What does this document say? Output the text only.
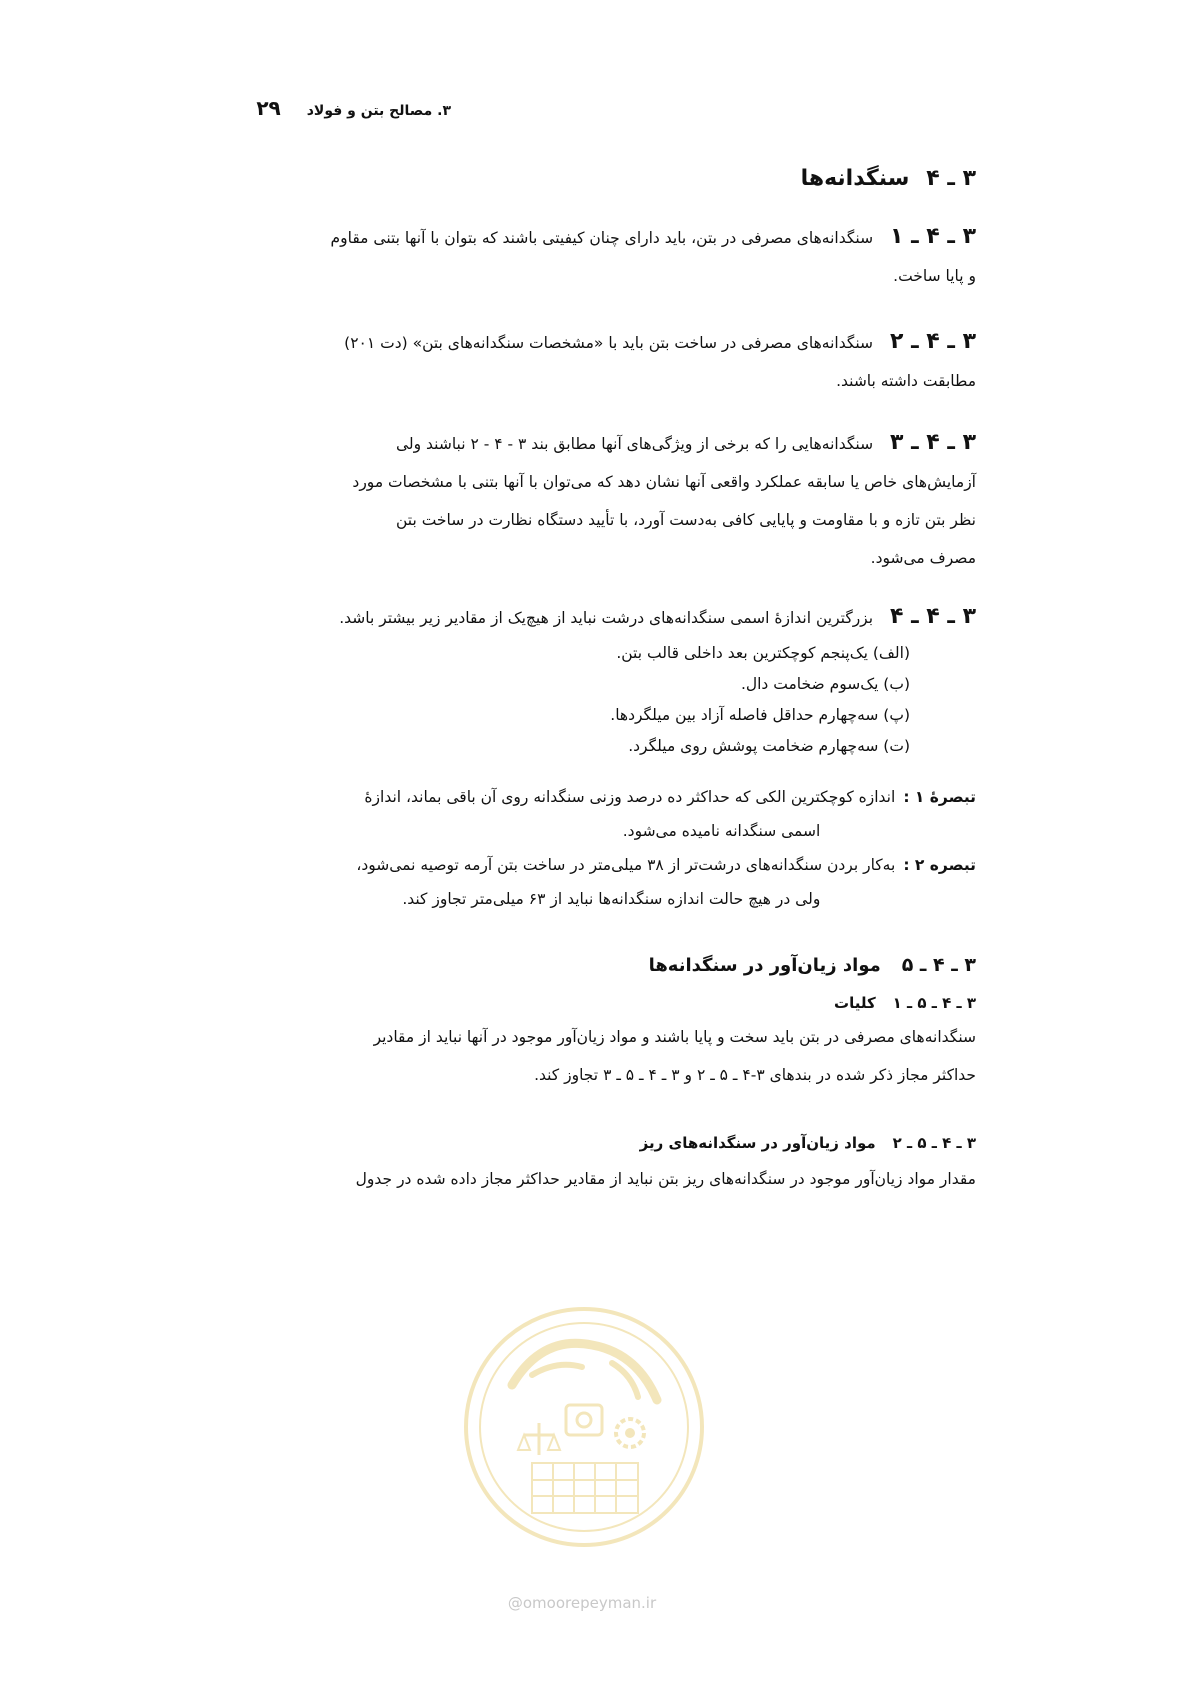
۳. مصالح بتن و فولاد
۲۹
۳ ـ ۴ سنگدانه‌ها

۳ ـ ۴ ـ ۱ سنگدانه‌های مصرفی در بتن، باید دارای چنان کیفیتی باشند که بتوان با آنها بتنی مقاوم

و پایا ساخت.

۳ ـ ۴ ـ ۲ سنگدانه‌های مصرفی در ساخت بتن باید با «مشخصات سنگدانه‌های بتن» (دت ۲۰۱)

مطابقت داشته باشند.

۳ ـ ۴ ـ ۳ سنگدانه‌هایی را که برخی از ویژگی‌های آنها مطابق بند ۳ - ۴ - ۲ نباشند ولی

آزمایش‌های خاص یا سابقه عملکرد واقعی آنها نشان دهد که می‌توان با آنها بتنی با مشخصات مورد

نظر بتن تازه و با مقاومت و پایایی کافی به‌دست آورد، با تأیید دستگاه نظارت در ساخت بتن

مصرف می‌شود.

۳ ـ ۴ ـ ۴ بزرگترین اندازهٔ اسمی سنگدانه‌های درشت نباید از هیچ‌یک از مقادیر زیر بیشتر باشد.

(الف) یک‌پنجم کوچکترین بعد داخلی قالب بتن.
(ب) یک‌سوم ضخامت دال.
(پ) سه‌چهارم حداقل فاصله آزاد بین میلگردها.
(ت) سه‌چهارم ضخامت پوشش روی میلگرد.
تبصرهٔ ۱ :
اندازه کوچکترین الکی که حداکثر ده درصد وزنی سنگدانه روی آن باقی بماند، اندازهٔ
اسمی سنگدانه نامیده می‌شود.
تبصره ۲ :
به‌کار بردن سنگدانه‌های درشت‌تر از ۳۸ میلی‌متر در ساخت بتن آرمه توصیه نمی‌شود،
ولی در هیچ حالت اندازه سنگدانه‌ها نباید از ۶۳ میلی‌متر تجاوز کند.
۳ ـ ۴ ـ ۵ مواد زیان‌آور در سنگدانه‌ها
۳ ـ ۴ ـ ۵ ـ ۱ کلیات

سنگدانه‌های مصرفی در بتن باید سخت و پایا باشند و مواد زیان‌آور موجود در آنها نباید از مقادیر

حداکثر مجاز ذکر شده در بندهای ۳-۴ ـ ۵ ـ ۲ و ۳ ـ ۴ ـ ۵ ـ ۳ تجاوز کند.

۳ ـ ۴ ـ ۵ ـ ۲ مواد زیان‌آور در سنگدانه‌های ریز

مقدار مواد زیان‌آور موجود در سنگدانه‌های ریز بتن نباید از مقادیر حداکثر مجاز داده شده در جدول

@omoorepeyman.ir
